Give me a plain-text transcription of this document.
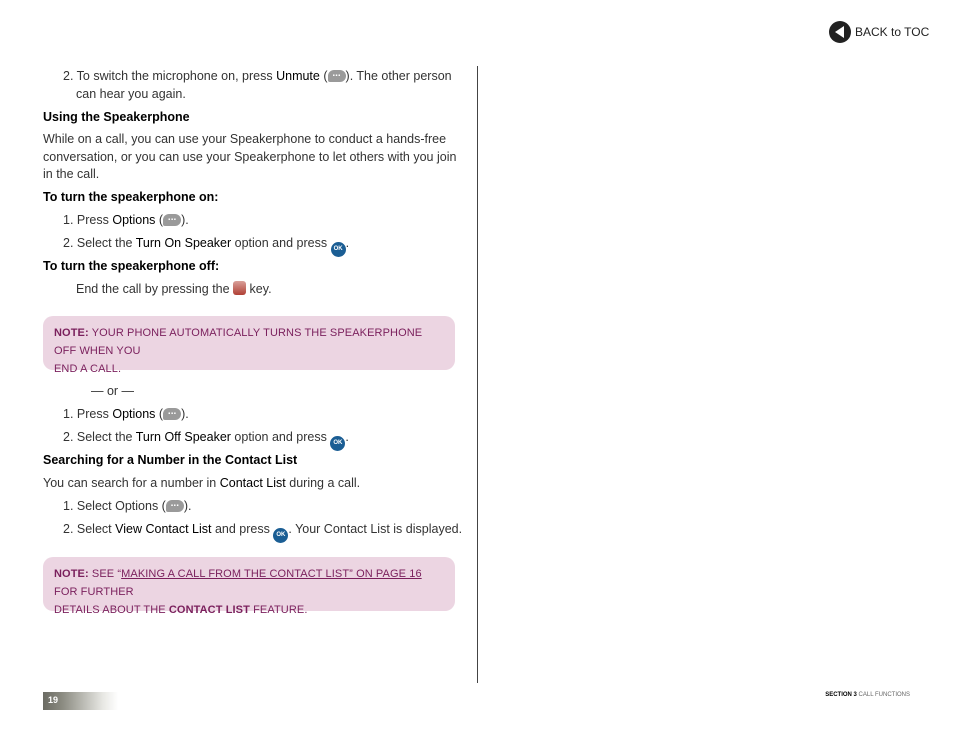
BACK to TOC
2. To switch the microphone on, press Unmute ( ... ). The other person
can hear you again.
Using the Speakerphone
While on a call, you can use your Speakerphone to conduct a hands-free
conversation, or you can use your Speakerphone to let others with you join
in the call.
To turn the speakerphone on:
1. Press Options ( ... ).
2. Select the Turn On Speaker option and press OK .
To turn the speakerphone off:
End the call by pressing the key.
NOTE: YOUR PHONE AUTOMATICALLY TURNS THE SPEAKERPHONE OFF WHEN YOU
END A CALL.
— or —
1. Press Options ( ... ).
2. Select the Turn Off Speaker option and press OK .
Searching for a Number in the Contact List
You can search for a number in Contact List during a call.
1. Select Options ( ... ).
2. Select View Contact List and press OK . Your Contact List is displayed.
NOTE: SEE “MAKING A CALL FROM THE CONTACT LIST” ON PAGE 16 FOR FURTHER
DETAILS ABOUT THE CONTACT LIST FEATURE.
19	SECTION 3 CALL FUNCTIONS
